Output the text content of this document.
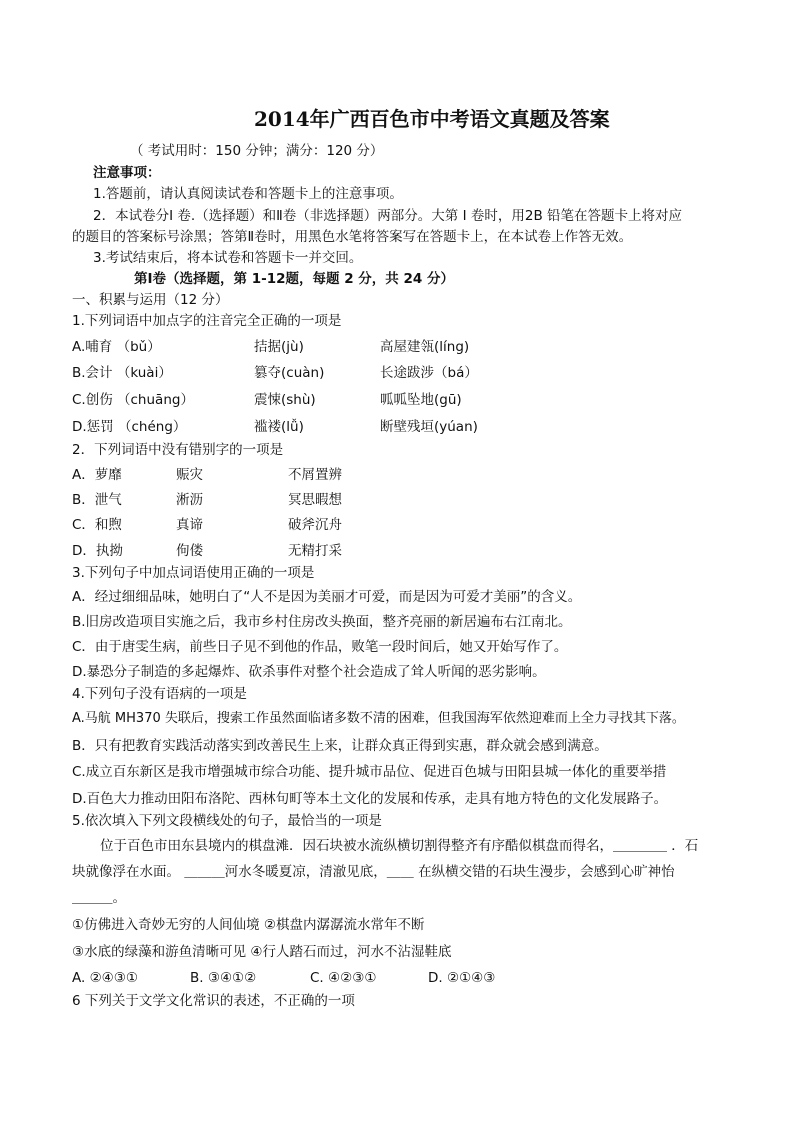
2014年广西百色市中考语文真题及答案
（ 考试用时：150 分钟；满分：120 分）
注意事项：
1.答题前，请认真阅读试卷和答题卡上的注意事项。
2．本试卷分Ⅰ 卷.（选择题）和Ⅱ卷（非选择题）两部分。大第 Ⅰ 卷时，用2B 铅笔在答题卡上将对应
的题目的答案标号涂黑；答第Ⅱ卷时，用黑色水笔将答案写在答题卡上，在本试卷上作答无效。
3.考试结束后，将本试卷和答题卡一并交回。
第Ⅰ卷（选择题，第 1-12题，每题 2 分，共 24 分）
一、积累与运用（12 分）
1.下列词语中加点字的注音完全正确的一项是
A.哺育 （bǔ）	拮据(jù)	高屋建瓴(líng)
B.会计 （kuài）	篡夺(cuàn)	长途跋涉（bá）
C.创伤 （chuāng）	震悚(shù)	呱呱坠地(gū)
D.惩罚 （chéng）	褴褛(lǚ)	断壁残垣(yúan)
2．下列词语中没有错别字的一项是
A．萝靡	赈灾	不屑置辨
B．泄气	淅沥	冥思暇想
C．和煦	真谛	破斧沉舟
D．执拗	佝偻	无精打采
3.下列句子中加点词语使用正确的一项是
A．经过细细品味，她明白了“人不是因为美丽才可爱，而是因为可爱才美丽”的含义。
B.旧房改造项目实施之后，我市乡村住房改头换面，整齐亮丽的新居遍布右江南北。
C．由于唐雯生病，前些日子见不到他的作品，败笔一段时间后，她又开始写作了。
D.暴恐分子制造的多起爆炸、砍杀事件对整个社会造成了耸人听闻的恶劣影响。
4.下列句子没有语病的一项是
A.马航 MH370 失联后，搜索工作虽然面临诸多数不清的困难，但我国海军依然迎难而上全力寻找其下落。
B．只有把教育实践活动落实到改善民生上来，让群众真正得到实惠，群众就会感到满意。
C.成立百东新区是我市增强城市综合功能、提升城市品位、促进百色城与田阳县城一体化的重要举措
D.百色大力推动田阳布洛陀、西林句町等本土文化的发展和传承，走具有地方特色的文化发展路子。
5.依次填入下列文段横线处的句子，最恰当的一项是
位于百色市田东县境内的棋盘滩．因石块被水流纵横切割得整齐有序酷似棋盘而得名，＿＿＿＿ ．石
块就像浮在水面。 ＿＿＿河水冬暖夏凉，清澈见底，＿＿ 在纵横交错的石块生漫步，会感到心旷神怡
＿＿＿。
①仿佛进入奇妙无穷的人间仙境 ②棋盘内潺潺流水常年不断
③水底的绿藻和游鱼清晰可见 ④行人踏石而过，河水不沾湿鞋底
A. ②④③①	B. ③④①②	C. ④②③①	D. ②①④③
6 下列关于文学文化常识的表述，不正确的一项
